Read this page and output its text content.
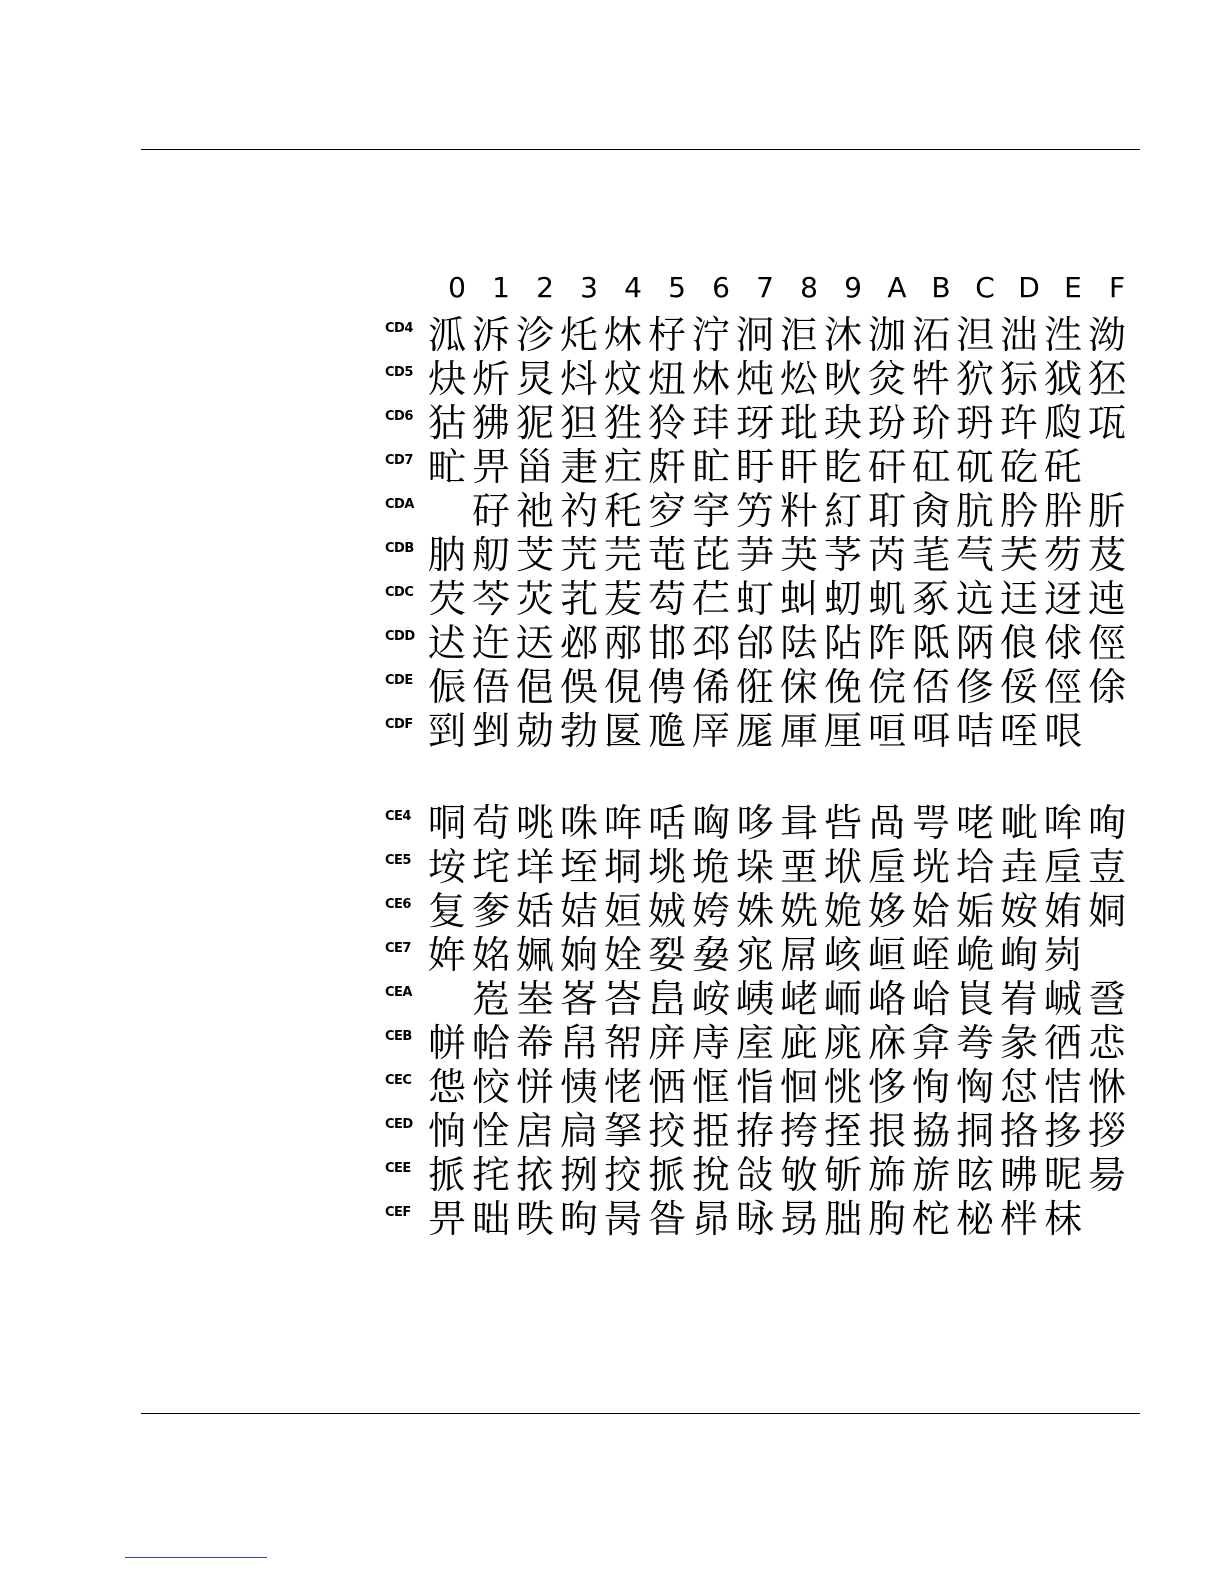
0 1 2 3 4 5 6 7 8 9 A B C D E F
CD4 泒 泝 沴 灹 炑 杍 泞 泂 洰 沐 泇 沰 泹 泏 泩 泑
CD5 炔 炘 炅 炓 炆 炄 炑 炖 炂 炚 炃 牪 狖 狋 狘 狉
CD6 狜 狒 狔 狚 狌 狑 玤 玡 玭 玦 玢 玠 玬 玝 瓝 瓨
CD7 甿 畀 甾 疌 疘 皯 盳 盱 盰 盵 矸 矼 矹 矻 矺
CDA 矷 祂 礿 秅 穸 穻 竻 籵 糽 耵 肏 肮 肣 肸 肵
CDB 肭 舠 芠 苀 芫 芚 芘 芛 芵 芧 芮 芼 芞 芺 芴 芨
CDC 芡 芩 苂 芤 苃 芶 芢 虰 虯 虭 虮 豖 迒 迋 迓 迍
CDD 迖 迕 迗 邲 邴 邯 邳 邰 阹 阽 阼 阺 陃 俍 俅 俓
CDE 侲 俉 俋 俁 俔 俜 俙 俇 俕 俛 俒 俖 俢 俀 俓 俆
CDF 剄 剉 勀 勃 匽 卼 厗 厖 厙 厘 咺 咡 咭 咥 哏
CE4 哃 茍 咷 咮 哖 咶 哅 哆 咠 呰 咼 咢 咾 呲 哞 咰
CE5 垵 垞 垟 垤 垌 垗 垝 垛 垔 垘 垕 垙 垥 垚 垕 壴
CE6 复 奓 姡 姞 姮 娀 姱 姝 姺 姽 姼 姶 姤 姲 姷 姛
CE7 姩 姳 姵 姠 姾 姴 姭 宨 屌 峐 峘 峌 峗 峋 峛
CEA	峞 峚 峉 峇 峊 峖 峓 峔 峏 峈 峆 峎 峟 峸 巹
CEB 帡 帢 帣 帠 帤 庰 庤 庢 庛 庣 庥 弇 弮 彖 徆 怷
CEC 怹 恔 恲 恞 恅 恓 恇 恉 恛 恌 恀 恂 恟 怤 恄 恘
CED 恦 恮 扂 扃 拏 挍 挋 拵 挎 挃 拫 拹 挏 挌 拸 拶
CEE 挀 挓 挔 挒 挍 挀 挩 敆 敂 斪 斾 旂 昡 昲 昵 昜
CEF 畀 昢 昳 昫 昺 昝 昴 昹 昮 朏 朐 柁 柲 柈 枺
